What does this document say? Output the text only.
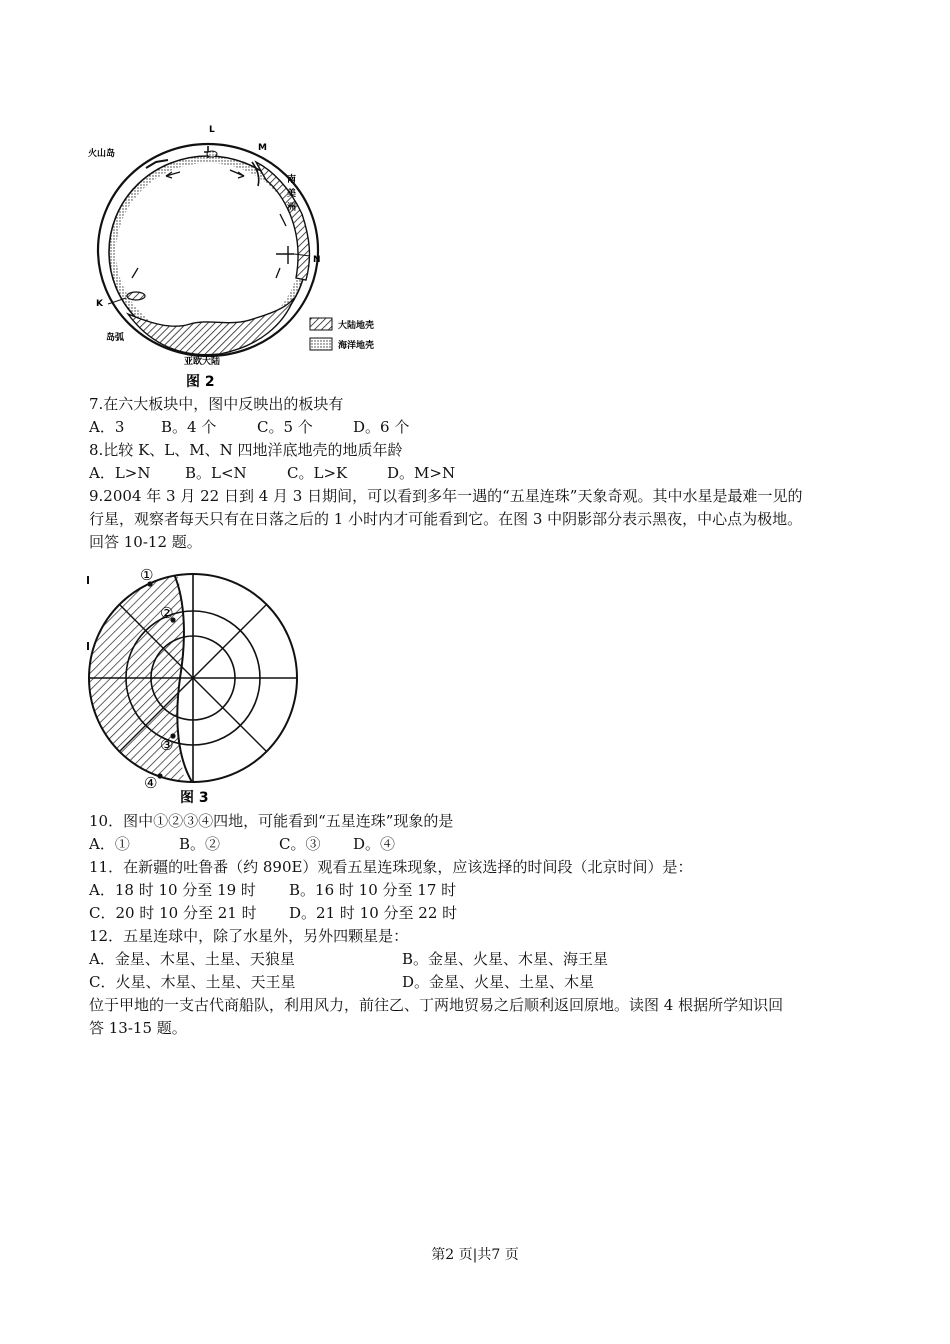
火山岛
L
M
南
美
洲
N
K
岛弧
亚欧大陆
大陆地壳
海洋地壳
图 2
7.在六大板块中，图中反映出的板块有
A．3 B。4 个	C。5 个	D。6 个
8.比较 K、L、M、N 四地洋底地壳的地质年龄
A．L>N B。L<N	C。L>K	D。M>N
9.2004 年 3 月 22 日到 4 月 3 日期间，可以看到多年一遇的“五星连珠”天象奇观。其中水星是最难一见的
行星，观察者每天只有在日落之后的 1 小时内才可能看到它。在图 3 中阴影部分表示黑夜，中心点为极地。
回答 10-12 题。
①
②
③
④
图 3
10．图中①②③④四地，可能看到“五星连珠”现象的是
A．①	B。②	C。③ D。④
11．在新疆的吐鲁番（约 890E）观看五星连珠现象，应该选择的时间段（北京时间）是：
A．18 时 10 分至 19 时 B。16 时 10 分至 17 时
C．20 时 10 分至 21 时 D。21 时 10 分至 22 时
12．五星连球中，除了水星外，另外四颗星是：
A．金星、木星、土星、天狼星	B。金星、火星、木星、海王星
C．火星、木星、土星、天王星	D。金星、火星、土星、木星
位于甲地的一支古代商船队，利用风力，前往乙、丁两地贸易之后顺利返回原地。读图 4 根据所学知识回
答 13-15 题。
第2 页|共7 页
